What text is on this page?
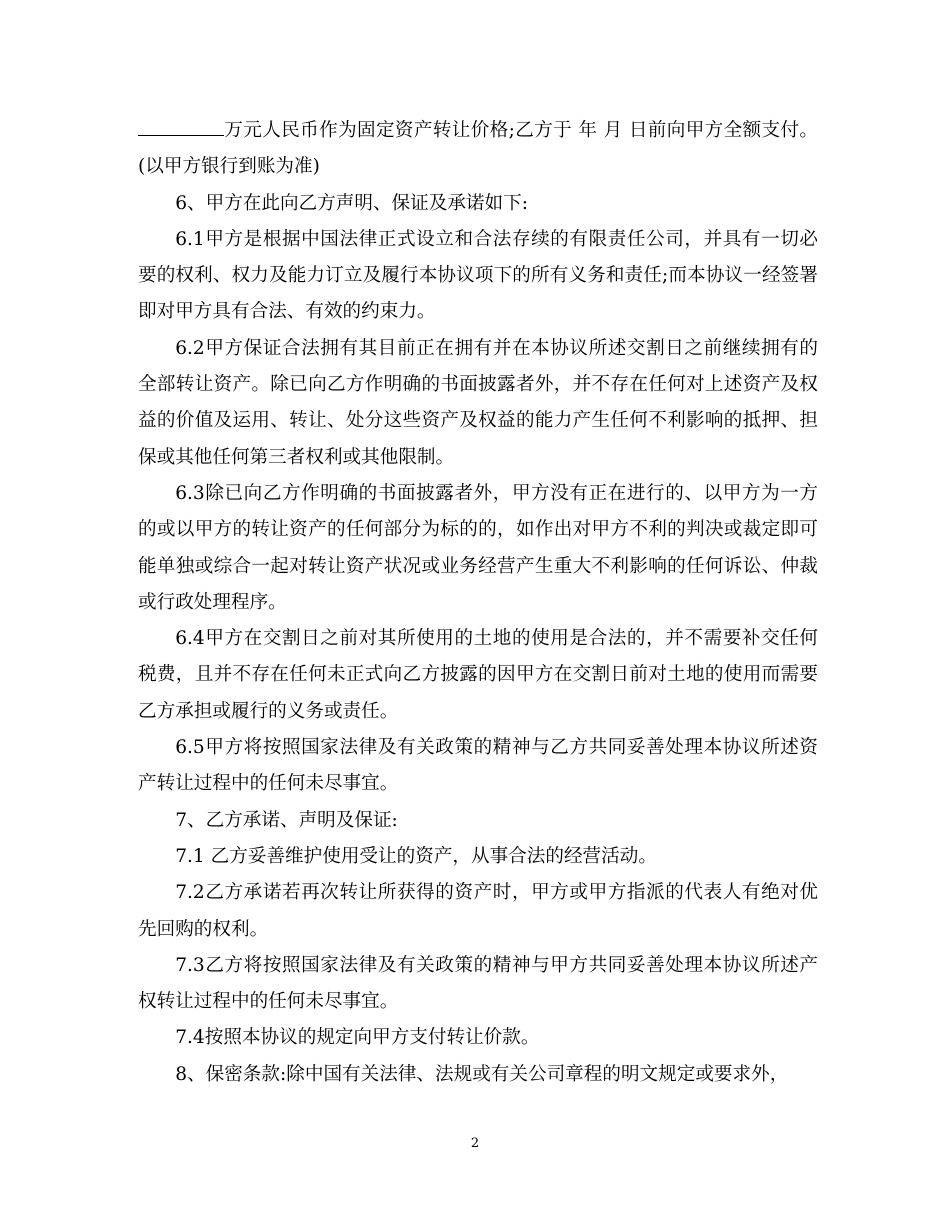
万元人民币作为固定资产转让价格;乙方于 年 月 日前向甲方全额支付。(以甲方银行到账为准)

6、甲方在此向乙方声明、保证及承诺如下:

6.1甲方是根据中国法律正式设立和合法存续的有限责任公司，并具有一切必要的权利、权力及能力订立及履行本协议项下的所有义务和责任;而本协议一经签署即对甲方具有合法、有效的约束力。

6.2甲方保证合法拥有其目前正在拥有并在本协议所述交割日之前继续拥有的全部转让资产。除已向乙方作明确的书面披露者外，并不存在任何对上述资产及权益的价值及运用、转让、处分这些资产及权益的能力产生任何不利影响的抵押、担保或其他任何第三者权利或其他限制。

6.3除已向乙方作明确的书面披露者外，甲方没有正在进行的、以甲方为一方的或以甲方的转让资产的任何部分为标的的，如作出对甲方不利的判决或裁定即可能单独或综合一起对转让资产状况或业务经营产生重大不利影响的任何诉讼、仲裁或行政处理程序。

6.4甲方在交割日之前对其所使用的土地的使用是合法的，并不需要补交任何税费，且并不存在任何未正式向乙方披露的因甲方在交割日前对土地的使用而需要乙方承担或履行的义务或责任。

6.5甲方将按照国家法律及有关政策的精神与乙方共同妥善处理本协议所述资产转让过程中的任何未尽事宜。

7、乙方承诺、声明及保证:

7.1 乙方妥善维护使用受让的资产，从事合法的经营活动。

7.2乙方承诺若再次转让所获得的资产时，甲方或甲方指派的代表人有绝对优先回购的权利。

7.3乙方将按照国家法律及有关政策的精神与甲方共同妥善处理本协议所述产权转让过程中的任何未尽事宜。

7.4按照本协议的规定向甲方支付转让价款。

8、保密条款:除中国有关法律、法规或有关公司章程的明文规定或要求外，

2
